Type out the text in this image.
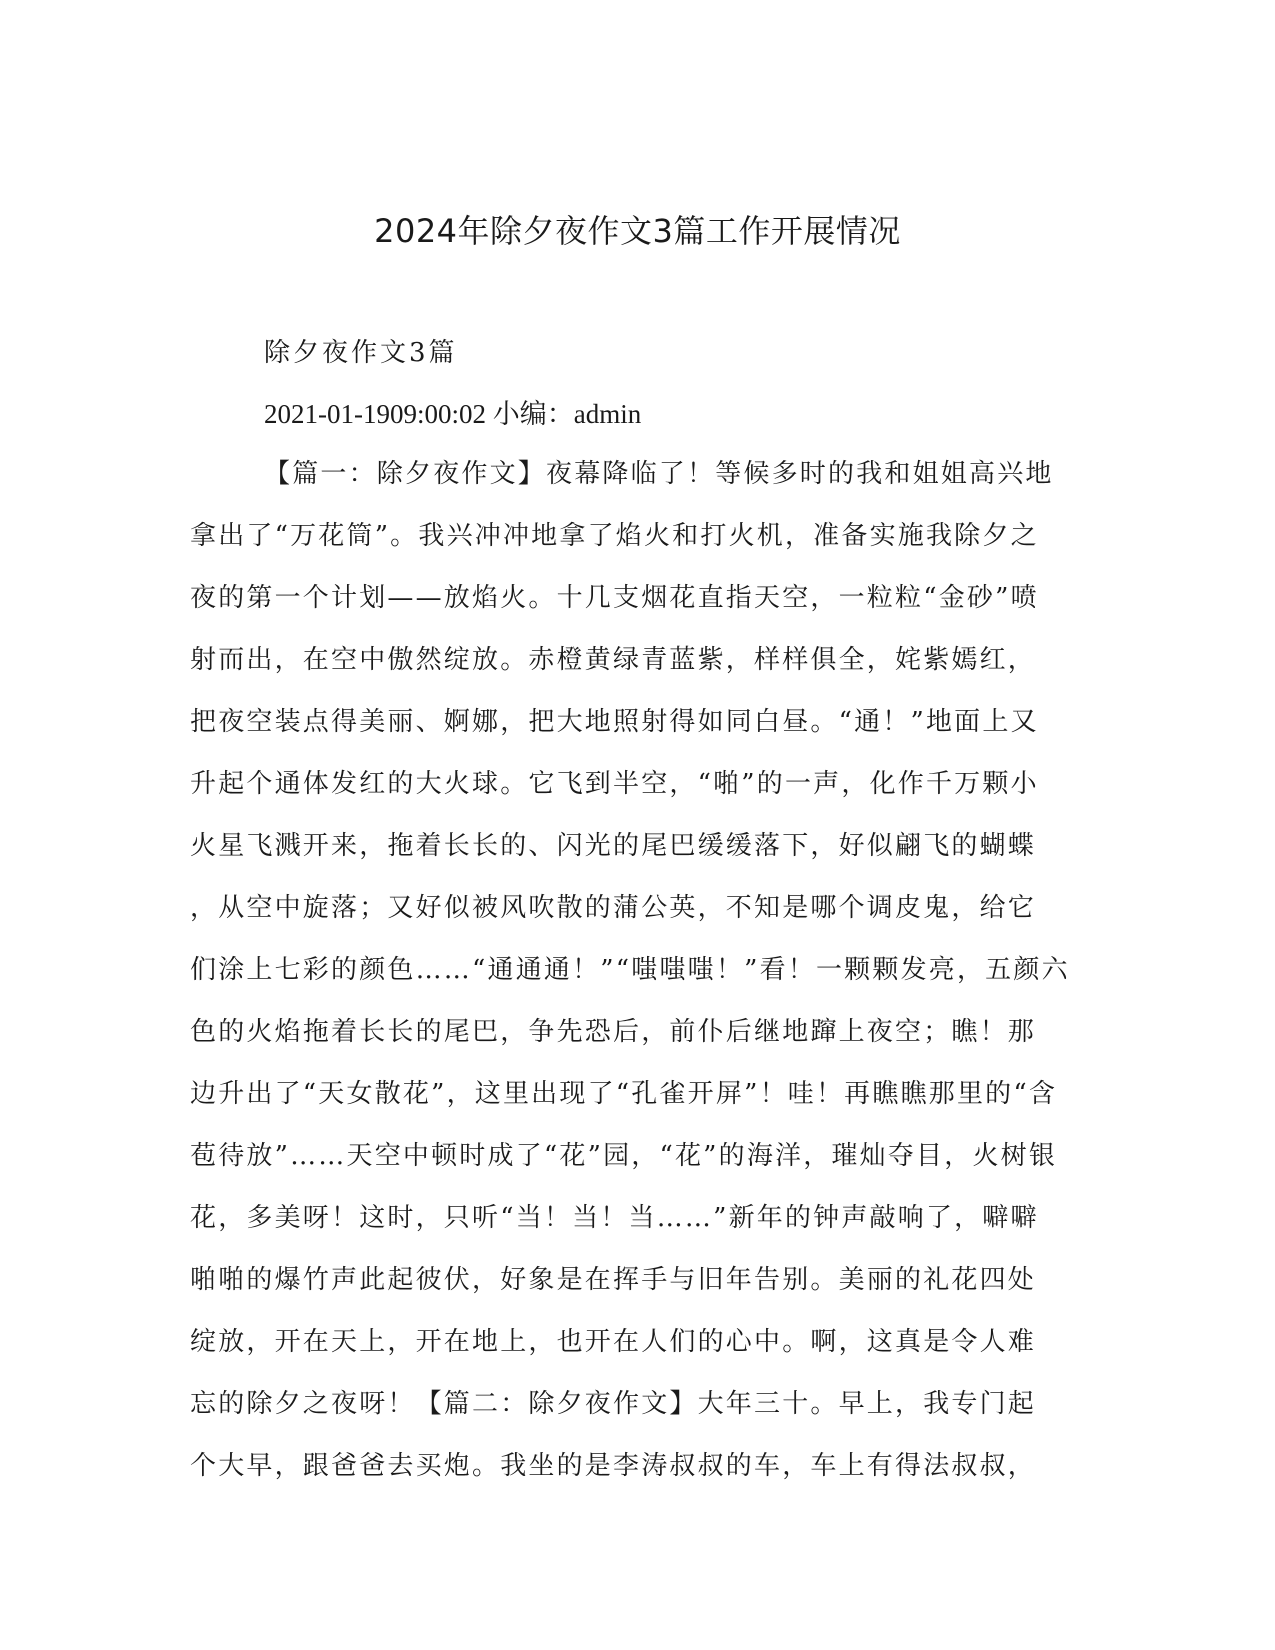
2024年除夕夜作文3篇工作开展情况

除夕夜作文3篇

2021-01-1909:00:02 小编：admin

【篇一：除夕夜作文】夜幕降临了！等候多时的我和姐姐高兴地
拿出了“万花筒”。我兴冲冲地拿了焰火和打火机，准备实施我除夕之
夜的第一个计划——放焰火。十几支烟花直指天空，一粒粒“金砂”喷
射而出，在空中傲然绽放。赤橙黄绿青蓝紫，样样俱全，姹紫嫣红，
把夜空装点得美丽、婀娜，把大地照射得如同白昼。“通！”地面上又
升起个通体发红的大火球。它飞到半空，“啪”的一声，化作千万颗小
火星飞溅开来，拖着长长的、闪光的尾巴缓缓落下，好似翩飞的蝴蝶
，从空中旋落；又好似被风吹散的蒲公英，不知是哪个调皮鬼，给它
们涂上七彩的颜色……“通通通！”“嗤嗤嗤！”看！一颗颗发亮，五颜六
色的火焰拖着长长的尾巴，争先恐后，前仆后继地蹿上夜空；瞧！那
边升出了“天女散花”，这里出现了“孔雀开屏”！哇！再瞧瞧那里的“含
苞待放”……天空中顿时成了“花”园，“花”的海洋，璀灿夺目，火树银
花，多美呀！这时，只听“当！当！当……”新年的钟声敲响了，噼噼
啪啪的爆竹声此起彼伏，好象是在挥手与旧年告别。美丽的礼花四处
绽放，开在天上，开在地上，也开在人们的心中。啊，这真是令人难
忘的除夕之夜呀！【篇二：除夕夜作文】大年三十。早上，我专门起
个大早，跟爸爸去买炮。我坐的是李涛叔叔的车，车上有得法叔叔，
